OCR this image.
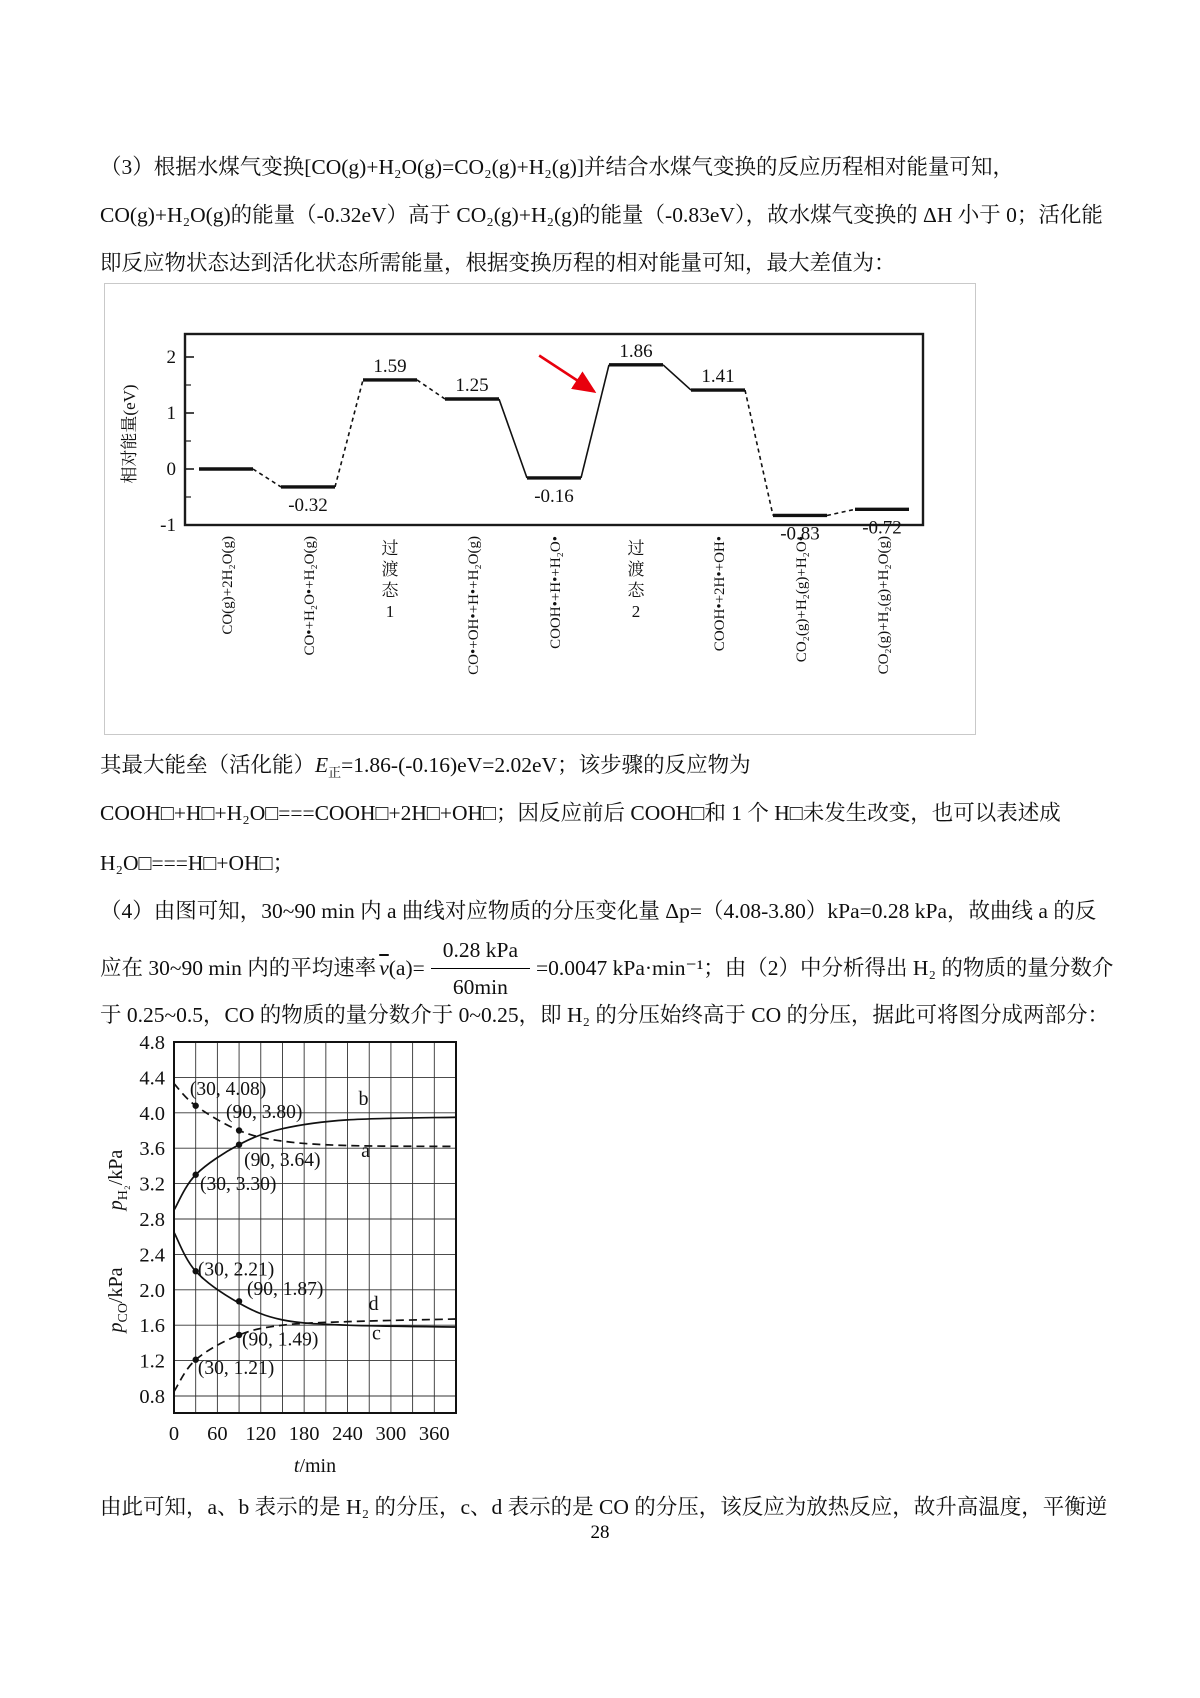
（3）根据水煤气变换[CO(g)+H₂O(g)=CO₂(g)+H₂(g)]并结合水煤气变换的反应历程相对能量可知，
CO(g)+H₂O(g)的能量（-0.32eV）高于 CO₂(g)+H₂(g)的能量（-0.83eV），故水煤气变换的 ΔH 小于 0；活化能
即反应物状态达到活化状态所需能量，根据变换历程的相对能量可知，最大差值为：
-1
0
1
2
相对能量(eV)
CO(g)+2H₂O(g)
-0.32
CO•+H₂O•+H₂O(g)
1.59
过渡态 1
1.25
CO•+OH•+H•+H₂O(g)
-0.16
COOH•+H•+H₂O•
1.86
过渡态 2
1.41
COOH•+2H•+OH•
-0.83
CO₂(g)+H₂(g)+H₂O•
-0.72
CO₂(g)+H₂(g)+H₂O(g)
其最大能垒（活化能）$E_正=1.86-(-0.16)eV=2.02eV$；该步骤的反应物为
COOH□+H□+H₂O□===COOH□+2H□+OH□；因反应前后 COOH□和 1 个 H□未发生改变，也可以表述成
H₂O□===H□+OH□；
（4）由图可知，30~90 min 内 a 曲线对应物质的分压变化量 Δp=（4.08-3.80）kPa=0.28 kPa，故曲线 a 的反
应在 30~90 min 内的平均速率 $\overline{v}$ $(a)= \frac{\text{0.28 kPa}}{60\min} =0.0047$ kPa·min⁻¹；由（2）中分析得出 H₂ 的物质的量分数介
于 0.25~0.5，CO 的物质的量分数介于 0~0.25，即 H₂ 的分压始终高于 CO 的分压，据此可将图分成两部分：
0.8
1.2
1.6
2.0
2.4
2.8
3.2
3.6
4.0
4.4
4.8
0 60 120 180 240 300 360
t/min
$p_{H_2}$/kPa
$p_{CO}$/kPa
a
b
c
d
(30, 4.08)
(90, 3.80)
(90, 3.64)
(30, 3.30)
(30, 2.21)
(90, 1.87)
(90, 1.49)
(30, 1.21)
由此可知，a、b 表示的是 H₂ 的分压，c、d 表示的是 CO 的分压，该反应为放热反应，故升高温度，平衡逆
28
